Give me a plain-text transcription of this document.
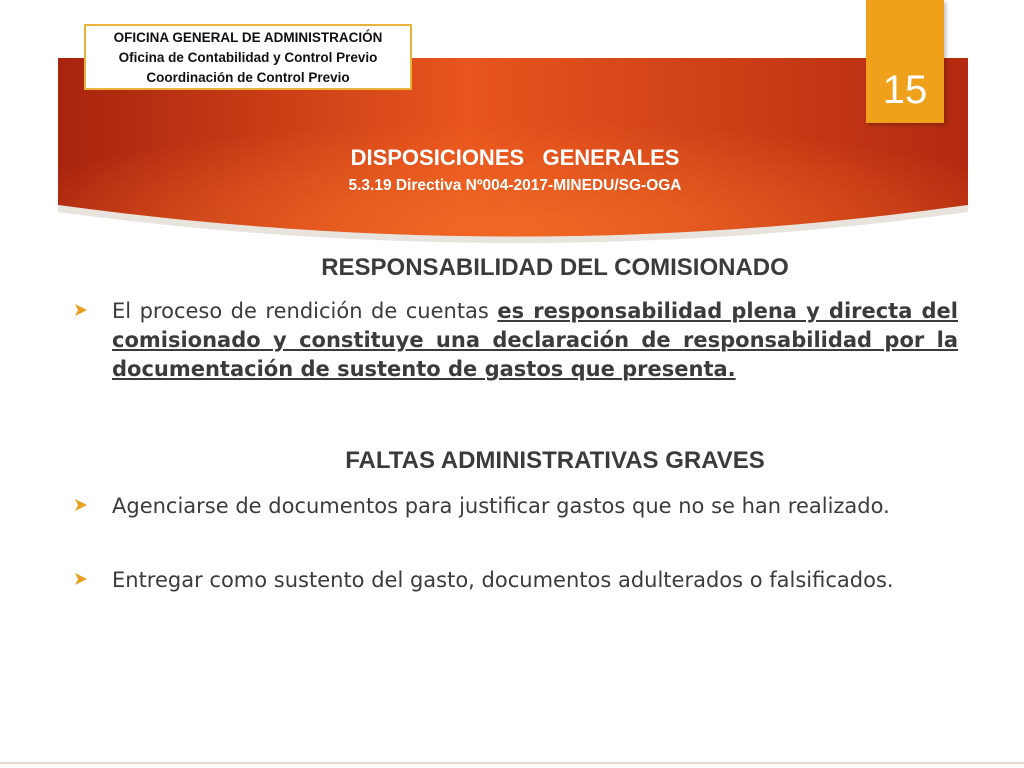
OFICINA GENERAL DE ADMINISTRACIÓN
Oficina de Contabilidad y Control Previo
Coordinación de Control Previo	15
DISPOSICIONES   GENERALES
5.3.19 Directiva Nº004-2017-MINEDU/SG-OGA
RESPONSABILIDAD DEL COMISIONADO
El proceso de rendición de cuentas es responsabilidad plena y directa del comisionado y constituye una declaración de responsabilidad por la documentación de sustento de gastos que presenta.
FALTAS ADMINISTRATIVAS GRAVES
Agenciarse de documentos para justificar gastos que no se han realizado.
Entregar como sustento del gasto, documentos adulterados o falsificados.
